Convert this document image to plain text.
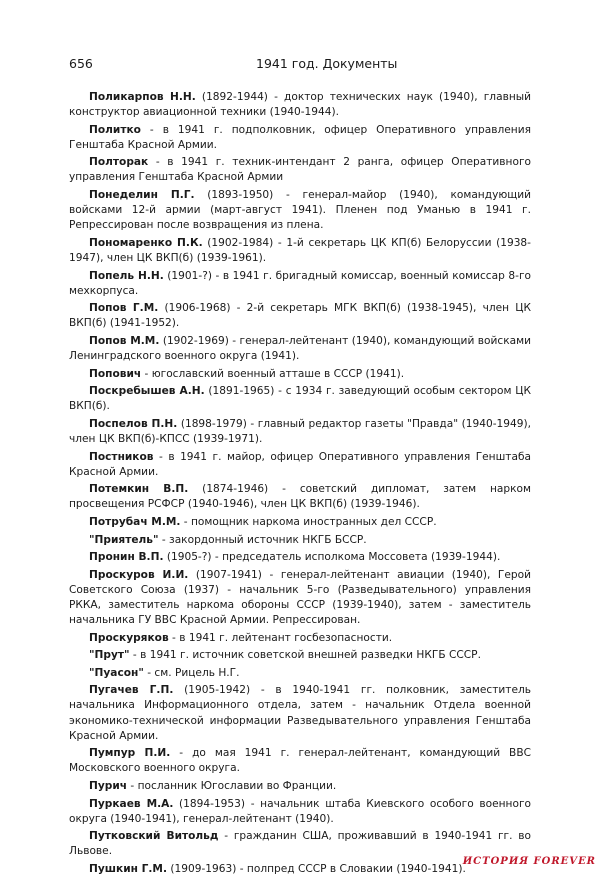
656	1941 год. Документы

Поликарпов Н.Н. (1892-1944) - доктор технических наук (1940), главный конструктор авиационной техники (1940-1944).

Политко - в 1941 г. подполковник, офицер Оперативного управления Генштаба Красной Армии.

Полторак - в 1941 г. техник-интендант 2 ранга, офицер Оперативного управления Генштаба Красной Армии

Понеделин П.Г. (1893-1950) - генерал-майор (1940), командующий войсками 12-й армии (март-август 1941). Пленен под Уманью в 1941 г. Репрессирован после возвращения из плена.

Пономаренко П.К. (1902-1984) - 1-й секретарь ЦК КП(б) Белоруссии (1938-1947), член ЦК ВКП(б) (1939-1961).

Попель Н.Н. (1901-?) - в 1941 г. бригадный комиссар, военный комиссар 8-го мехкорпуса.

Попов Г.М. (1906-1968) - 2-й секретарь МГК ВКП(б) (1938-1945), член ЦК ВКП(б) (1941-1952).

Попов М.М. (1902-1969) - генерал-лейтенант (1940), командующий войсками Ленинградского военного округа (1941).

Попович - югославский военный атташе в СССР (1941).

Поскребышев А.Н. (1891-1965) - с 1934 г. заведующий особым сектором ЦК ВКП(б).

Поспелов П.Н. (1898-1979) - главный редактор газеты "Правда" (1940-1949), член ЦК ВКП(б)-КПСС (1939-1971).

Постников - в 1941 г. майор, офицер Оперативного управления Генштаба Красной Армии.

Потемкин В.П. (1874-1946) - советский дипломат, затем нарком просвещения РСФСР (1940-1946), член ЦК ВКП(б) (1939-1946).

Потрубач М.М. - помощник наркома иностранных дел СССР.

"Приятель" - закордонный источник НКГБ БССР.

Пронин В.П. (1905-?) - председатель исполкома Моссовета (1939-1944).

Проскуров И.И. (1907-1941) - генерал-лейтенант авиации (1940), Герой Советского Союза (1937) - начальник 5-го (Разведывательного) управления РККА, заместитель наркома обороны СССР (1939-1940), затем - заместитель начальника ГУ ВВС Красной Армии. Репрессирован.

Проскуряков - в 1941 г. лейтенант госбезопасности.

"Прут" - в 1941 г. источник советской внешней разведки НКГБ СССР.

"Пуасон" - см. Рицель Н.Г.

Пугачев Г.П. (1905-1942) - в 1940-1941 гг. полковник, заместитель начальника Информационного отдела, затем - начальник Отдела военной экономико-технической информации Разведывательного управления Генштаба Красной Армии.

Пумпур П.И. - до мая 1941 г. генерал-лейтенант, командующий ВВС Московского военного округа.

Пурич - посланник Югославии во Франции.

Пуркаев М.А. (1894-1953) - начальник штаба Киевского особого военного округа (1940-1941), генерал-лейтенант (1940).

Путковский Витольд - гражданин США, проживавший в 1940-1941 гг. во Львове.

Пушкин Г.М. (1909-1963) - полпред СССР в Словакии (1940-1941).

ИСТОРИЯ FOREVER
